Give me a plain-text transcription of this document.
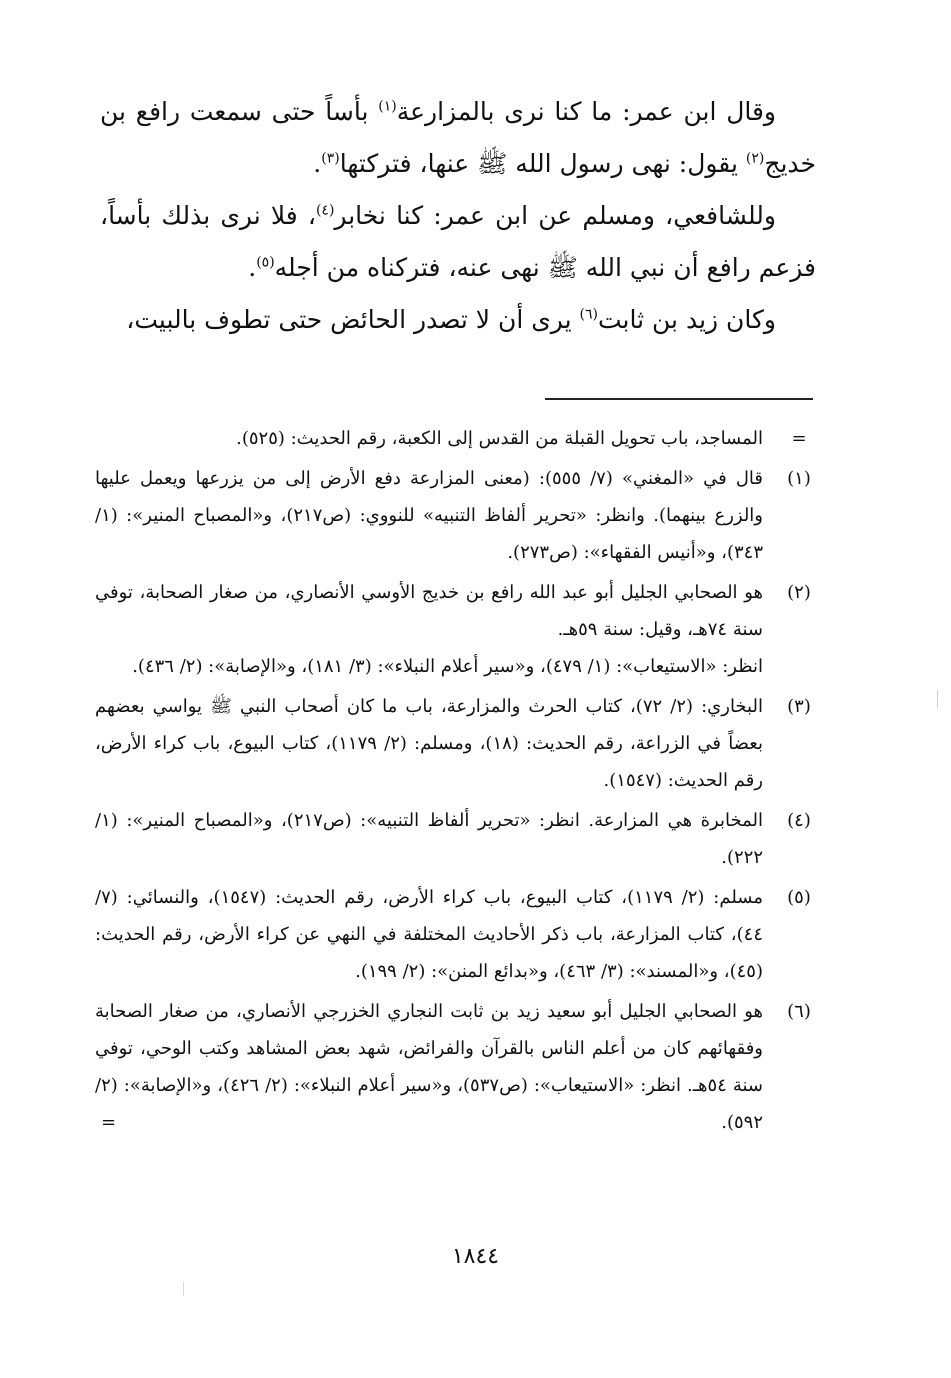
وقال ابن عمر: ما كنا نرى بالمزارعة$^{(١)}$ بأساً حتى سمعت رافع بن خديج$^{(٢)}$ يقول: نهى رسول الله ﷺ عنها، فتركتها$^{(٣)}$.

وللشافعي، ومسلم عن ابن عمر: كنا نخابر$^{(٤)}$، فلا نرى بذلك بأساً، فزعم رافع أن نبي الله ﷺ نهى عنه، فتركناه من أجله$^{(٥)}$.

وكان زيد بن ثابت$^{(٦)}$ يرى أن لا تصدر الحائض حتى تطوف بالبيت،

=
المساجد، باب تحويل القبلة من القدس إلى الكعبة، رقم الحديث: (٥٢٥).
(١)
قال في «المغني» (٧/ ٥٥٥): (معنى المزارعة دفع الأرض إلى من يزرعها ويعمل عليها والزرع بينهما). وانظر: «تحرير ألفاظ التنبيه» للنووي: (ص٢١٧)، و«المصباح المنير»: (١/ ٣٤٣)، و«أنيس الفقهاء»: (ص٢٧٣).
(٢)
هو الصحابي الجليل أبو عبد الله رافع بن خديج الأوسي الأنصاري، من صغار الصحابة، توفي سنة ٧٤هـ، وقيل: سنة ٥٩هـ.
انظر: «الاستيعاب»: (١/ ٤٧٩)، و«سير أعلام النبلاء»: (٣/ ١٨١)، و«الإصابة»: (٢/ ٤٣٦).
(٣)
البخاري: (٢/ ٧٢)، كتاب الحرث والمزارعة، باب ما كان أصحاب النبي ﷺ يواسي بعضهم بعضاً في الزراعة، رقم الحديث: (١٨)، ومسلم: (٢/ ١١٧٩)، كتاب البيوع، باب كراء الأرض، رقم الحديث: (١٥٤٧).
(٤)
المخابرة هي المزارعة. انظر: «تحرير ألفاظ التنبيه»: (ص٢١٧)، و«المصباح المنير»: (١/ ٢٢٢).
(٥)
مسلم: (٢/ ١١٧٩)، كتاب البيوع، باب كراء الأرض، رقم الحديث: (١٥٤٧)، والنسائي: (٧/ ٤٤)، كتاب المزارعة، باب ذكر الأحاديث المختلفة في النهي عن كراء الأرض، رقم الحديث: (٤٥)، و«المسند»: (٣/ ٤٦٣)، و«بدائع المنن»: (٢/ ١٩٩).
(٦)
هو الصحابي الجليل أبو سعيد زيد بن ثابت النجاري الخزرجي الأنصاري، من صغار الصحابة وفقهائهم كان من أعلم الناس بالقرآن والفرائض، شهد بعض المشاهد وكتب الوحي، توفي سنة ٥٤هـ. انظر: «الاستيعاب»: (ص٥٣٧)، و«سير أعلام النبلاء»: (٢/ ٤٢٦)، و«الإصابة»: (٢/ ٥٩٢).
=
١٨٤٤
